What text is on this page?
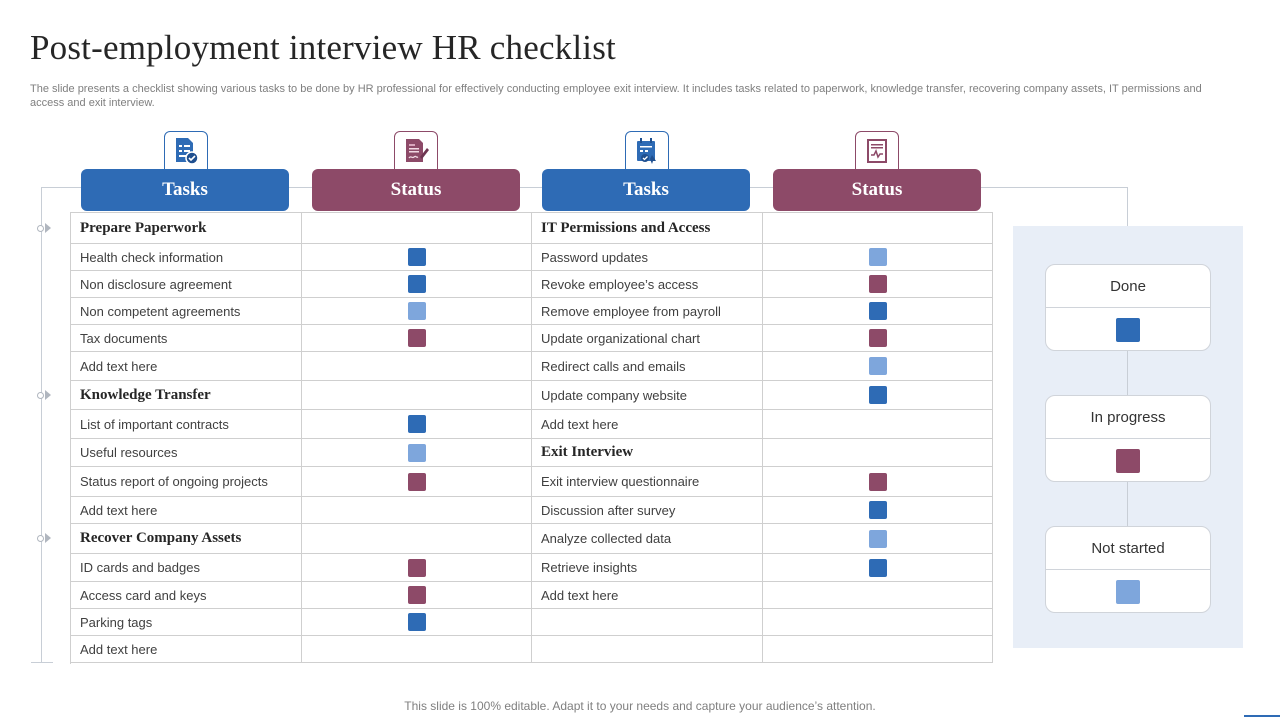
Post-employment interview HR checklist
The slide presents a checklist showing various tasks to be done by HR professional for effectively conducting employee exit interview. It includes tasks related to paperwork, knowledge transfer, recovering company assets, IT permissions and access and exit interview.
Tasks	Status	Tasks	Status
Prepare Paperwork	IT Permissions and Access
Health check information	Password updates
Non disclosure agreement	Revoke employee’s access
Non competent agreements	Remove employee from payroll
Tax documents	Update organizational chart
Add text here	Redirect calls and emails
Knowledge Transfer	Update company website
List of important contracts	Add text here
Useful resources	Exit Interview
Status report of ongoing projects	Exit interview questionnaire
Add text here	Discussion after survey
Recover Company Assets	Analyze collected data
ID cards and badges	Retrieve insights
Access card and keys	Add text here
Parking tags
Add text here
Done
In progress
Not started
This slide is 100% editable. Adapt it to your needs and capture your audience’s attention.
